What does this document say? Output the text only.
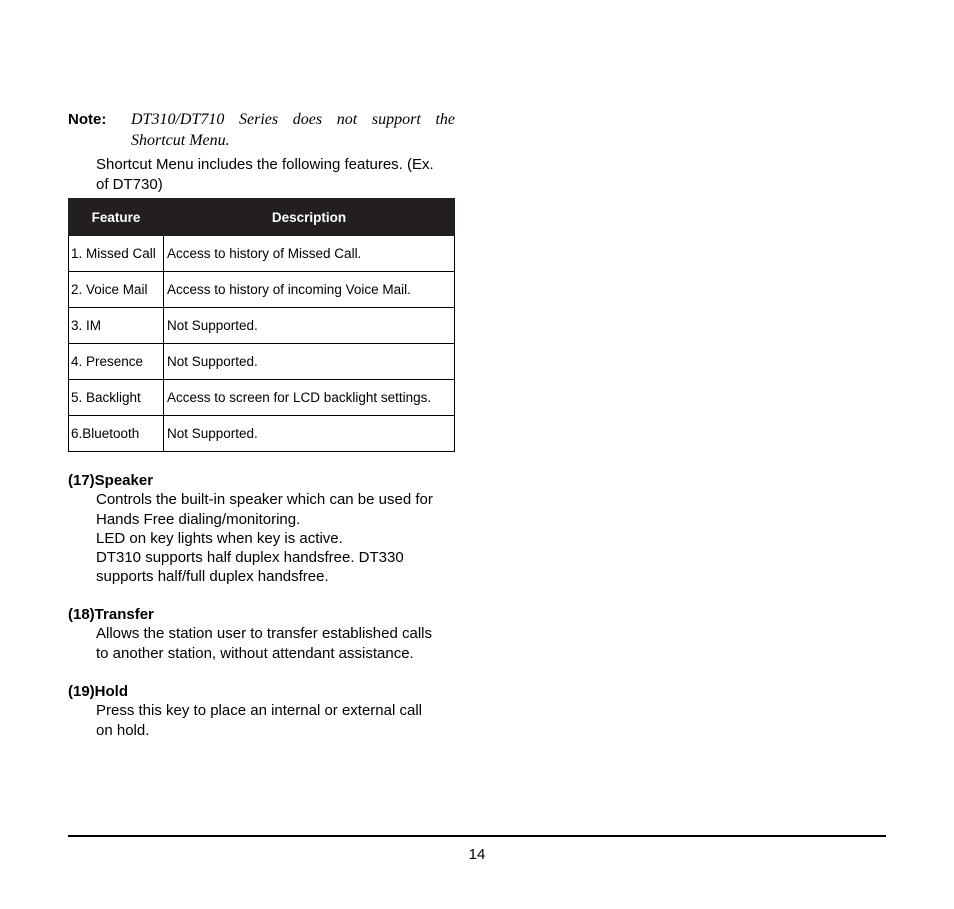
Note: DT310/DT710 Series does not support the Shortcut Menu.
Shortcut Menu includes the following features. (Ex.
of DT730)
Feature	Description
1. Missed Call	Access to history of Missed Call.
2. Voice Mail	Access to history of incoming Voice Mail.
3. IM	Not Supported.
4. Presence	Not Supported.
5. Backlight	Access to screen for LCD backlight settings.
6.Bluetooth	Not Supported.
(17)Speaker

Controls the built-in speaker which can be used for

Hands Free dialing/monitoring.

LED on key lights when key is active.

DT310 supports half duplex handsfree. DT330

supports half/full duplex handsfree.

(18)Transfer

Allows the station user to transfer established calls

to another station, without attendant assistance.

(19)Hold

Press this key to place an internal or external call

on hold.

14
